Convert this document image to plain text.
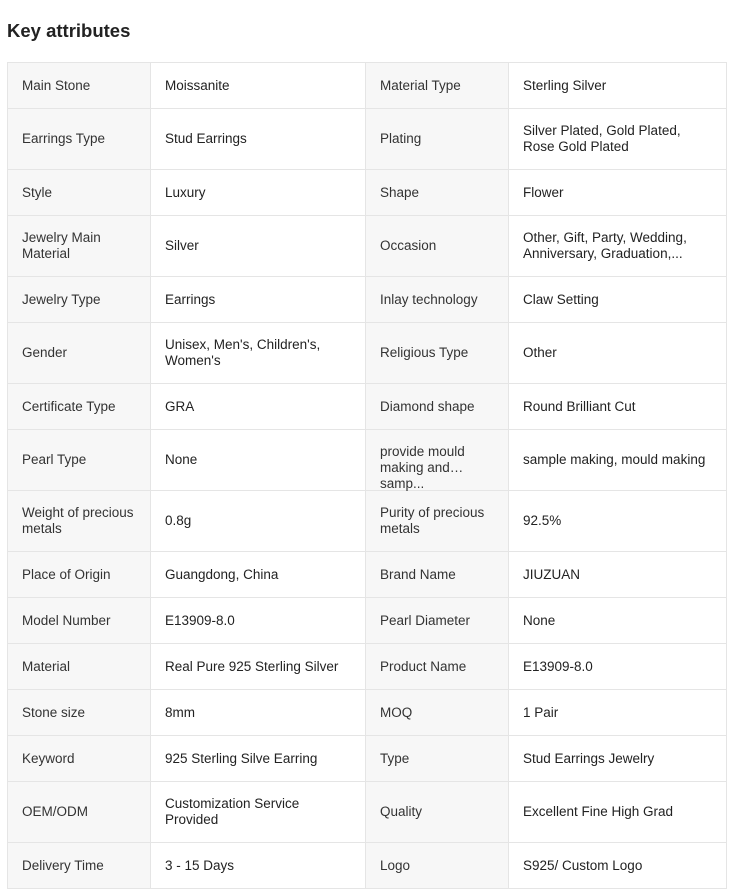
Key attributes
Main Stone	Moissanite	Material Type	Sterling Silver

Earrings Type	Stud Earrings	Plating	Silver Plated, Gold Plated, Rose Gold Plated

Style	Luxury	Shape	Flower

Jewelry Main Material	Silver	Occasion	Other, Gift, Party, Wedding, Anniversary, Graduation,...

Jewelry Type	Earrings	Inlay technology	Claw Setting

Gender	Unisex, Men's, Children's, Women's	Religious Type	Other

Certificate Type	GRA	Diamond shape	Round Brilliant Cut

Pearl Type	None	provide mould making and samp...	sample making, mould making

Weight of precious metals	0.8g	Purity of precious metals	92.5%

Place of Origin	Guangdong, China	Brand Name	JIUZUAN

Model Number	E13909-8.0	Pearl Diameter	None

Material	Real Pure 925 Sterling Silver	Product Name	E13909-8.0

Stone size	8mm	MOQ	1 Pair

Keyword	925 Sterling Silve Earring	Type	Stud Earrings Jewelry

OEM/ODM	Customization Service Provided	Quality	Excellent Fine High Grad

Delivery Time	3 - 15 Days	Logo	S925/ Custom Logo
